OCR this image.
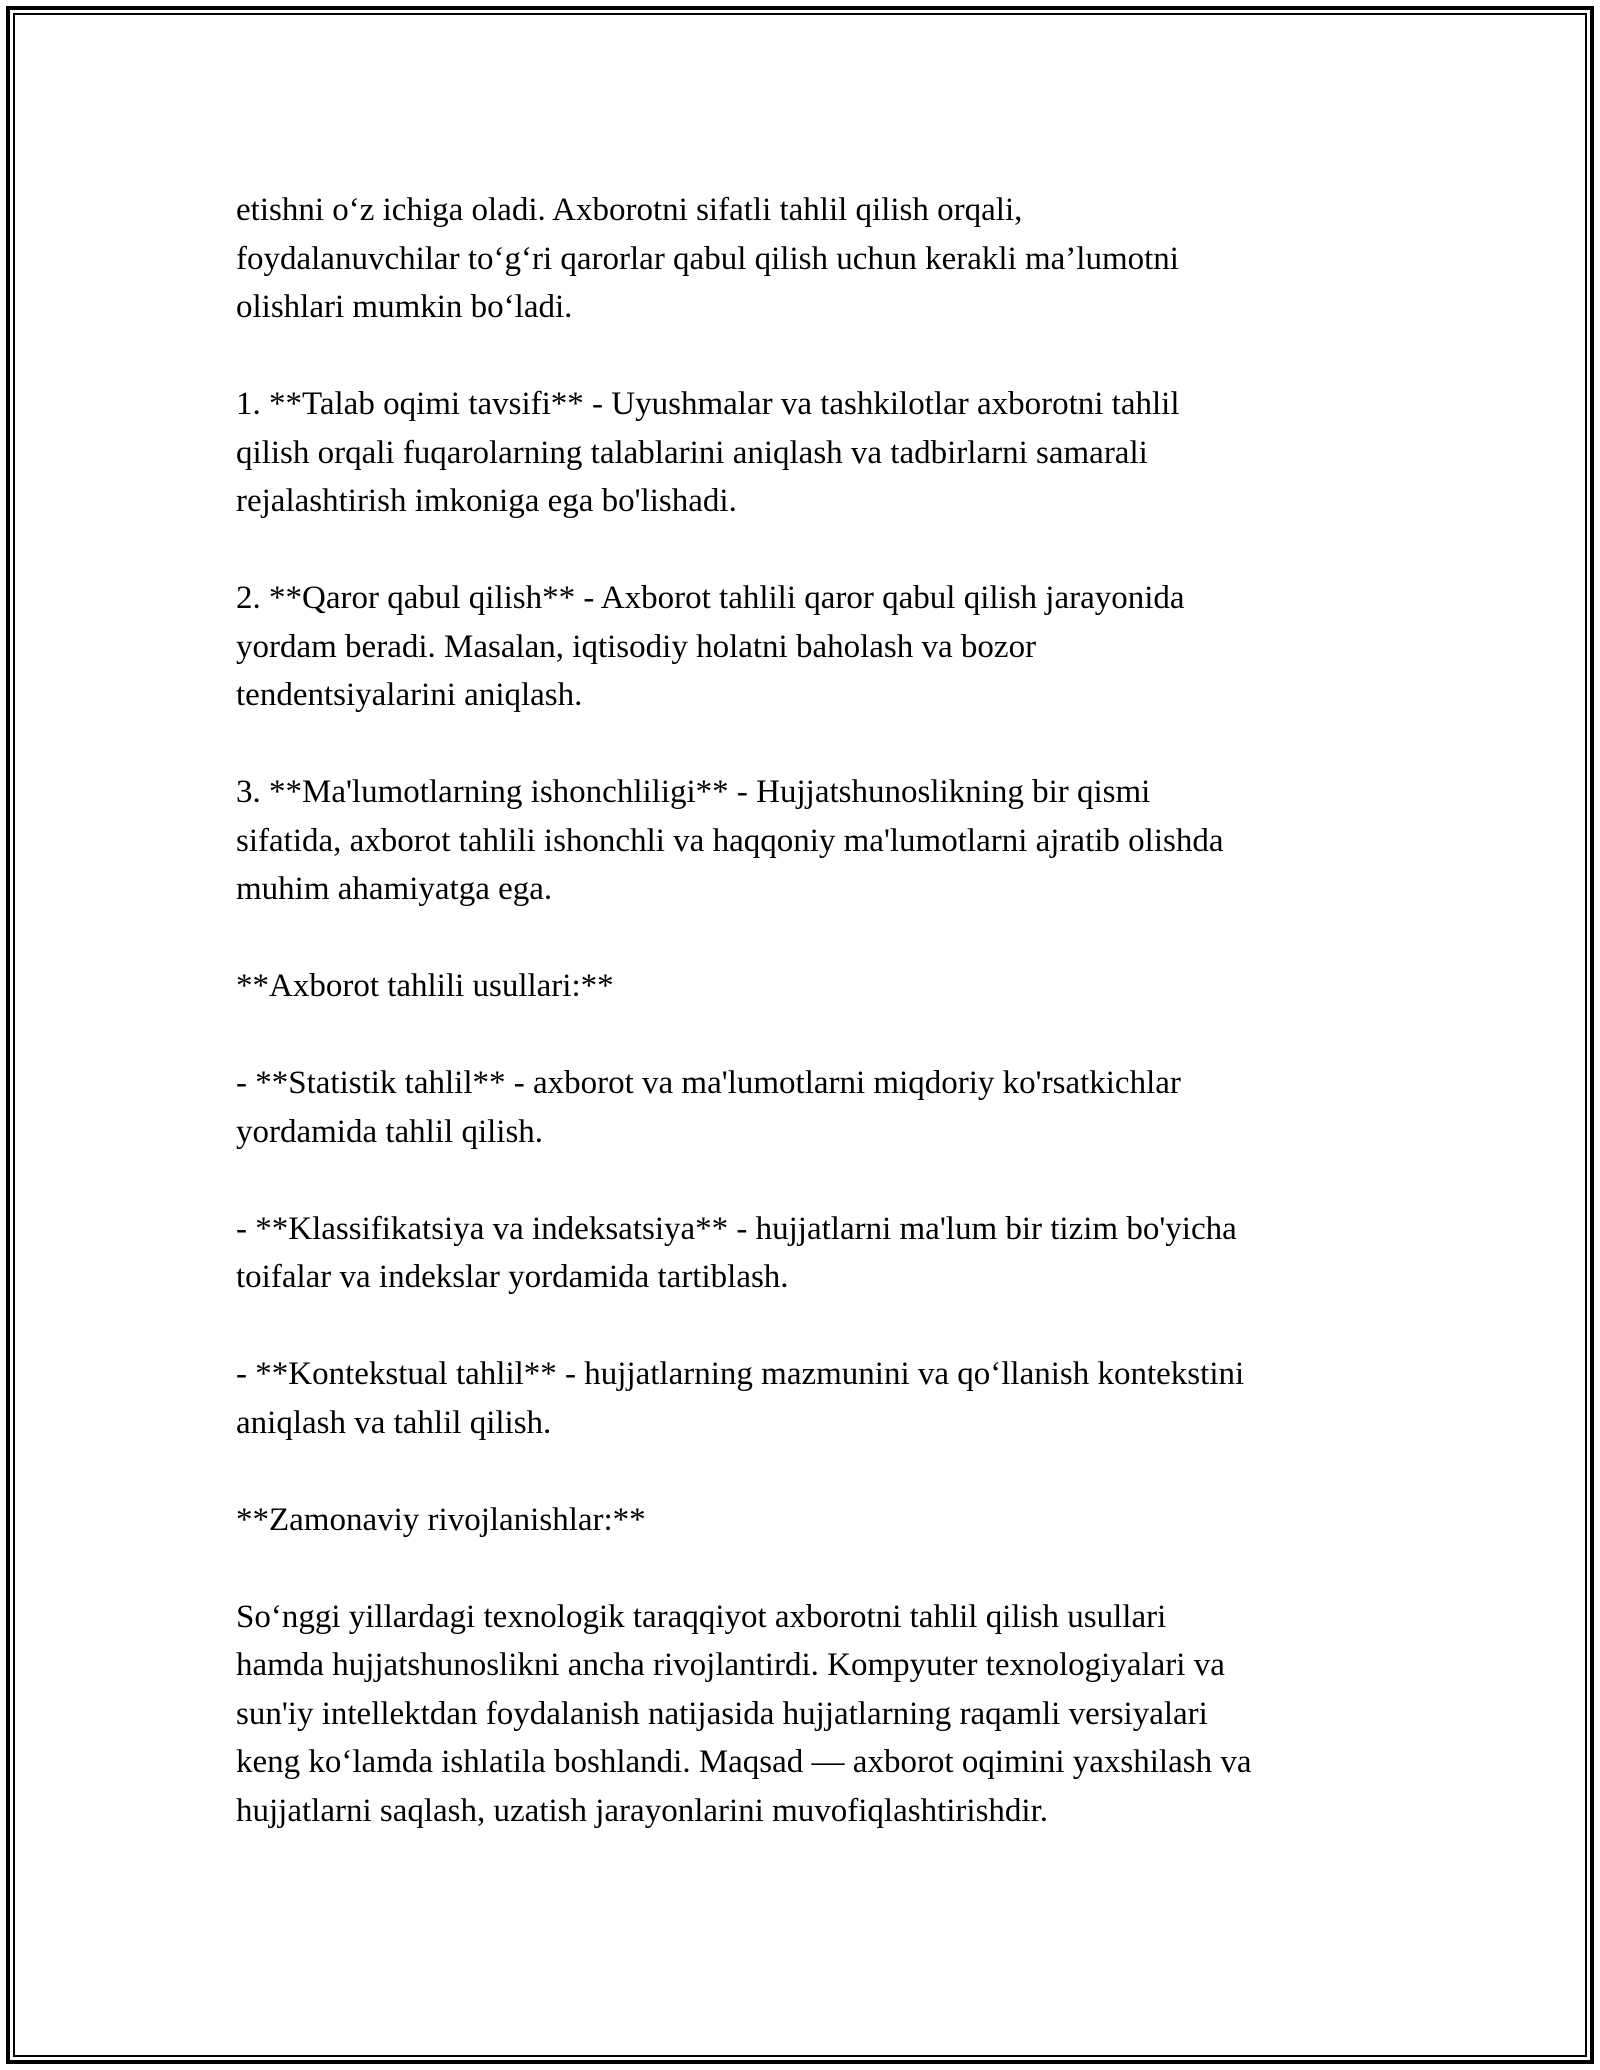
etishni o‘z ichiga oladi. Axborotni sifatli tahlil qilish orqali,
foydalanuvchilar to‘g‘ri qarorlar qabul qilish uchun kerakli ma’lumotni
olishlari mumkin bo‘ladi.

1. **Talab oqimi tavsifi** - Uyushmalar va tashkilotlar axborotni tahlil
qilish orqali fuqarolarning talablarini aniqlash va tadbirlarni samarali
rejalashtirish imkoniga ega bo'lishadi.

2. **Qaror qabul qilish** - Axborot tahlili qaror qabul qilish jarayonida
yordam beradi. Masalan, iqtisodiy holatni baholash va bozor
tendentsiyalarini aniqlash.

3. **Ma'lumotlarning ishonchliligi** - Hujjatshunoslikning bir qismi
sifatida, axborot tahlili ishonchli va haqqoniy ma'lumotlarni ajratib olishda
muhim ahamiyatga ega.

**Axborot tahlili usullari:**

- **Statistik tahlil** - axborot va ma'lumotlarni miqdoriy ko'rsatkichlar
yordamida tahlil qilish.

- **Klassifikatsiya va indeksatsiya** - hujjatlarni ma'lum bir tizim bo'yicha
toifalar va indekslar yordamida tartiblash.

- **Kontekstual tahlil** - hujjatlarning mazmunini va qo‘llanish kontekstini
aniqlash va tahlil qilish.

**Zamonaviy rivojlanishlar:**

So‘nggi yillardagi texnologik taraqqiyot axborotni tahlil qilish usullari
hamda hujjatshunoslikni ancha rivojlantirdi. Kompyuter texnologiyalari va
sun'iy intellektdan foydalanish natijasida hujjatlarning raqamli versiyalari
keng ko‘lamda ishlatila boshlandi. Maqsad — axborot oqimini yaxshilash va
hujjatlarni saqlash, uzatish jarayonlarini muvofiqlashtirishdir.
